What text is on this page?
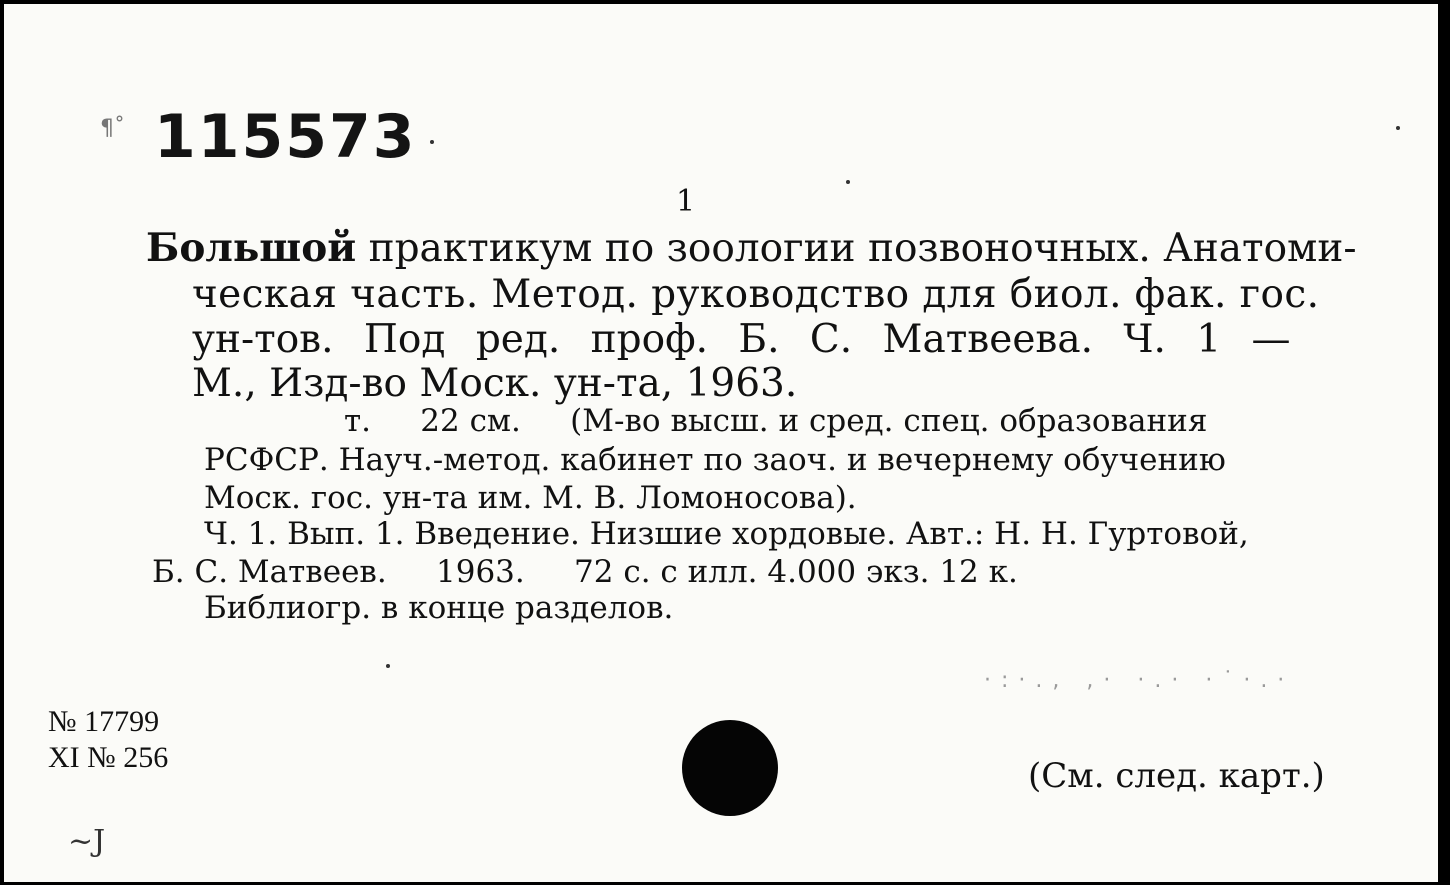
¶˚ 115573
1
Большой практикум по зоологии позвоночных. Анатоми-
ческая часть. Метод. руководство для биол. фак. гос.
ун-тов. Под ред. проф. Б. С. Матвеева. Ч. 1 —
М., Изд-во Моск. ун-та, 1963.
т.     22 см.     (М-во высш. и сред. спец. образования
РСФСР. Науч.-метод. кабинет по заоч. и вечернему обучению
Моск. гос. ун-та им. М. В. Ломоносова).
Ч. 1. Вып. 1. Введение. Низшие хордовые. Авт.: Н. Н. Гуртовой,
Б. С. Матвеев.     1963.     72 с. с илл. 4.000 экз. 12 к.
Библиогр. в конце разделов.
№ 17799
XI № 256
·:·., ,· ·.· ·˙·.·
(См. след. карт.)
~J
